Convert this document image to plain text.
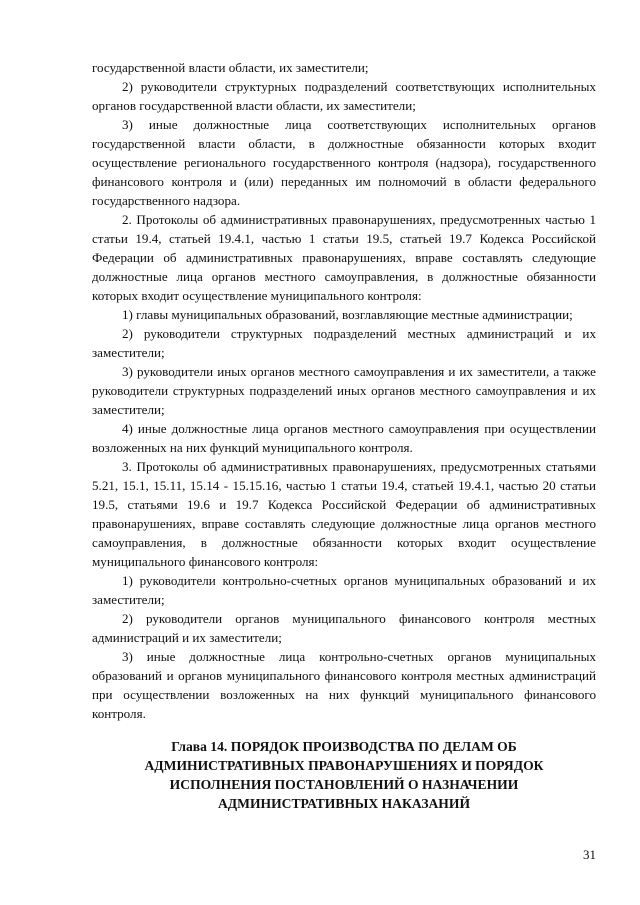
государственной власти области, их заместители;

2) руководители структурных подразделений соответствующих исполнительных органов государственной власти области, их заместители;

3) иные должностные лица соответствующих исполнительных органов государственной власти области, в должностные обязанности которых входит осуществление регионального государственного контроля (надзора), государственного финансового контроля и (или) переданных им полномочий в области федерального государственного надзора.

2. Протоколы об административных правонарушениях, предусмотренных частью 1 статьи 19.4, статьей 19.4.1, частью 1 статьи 19.5, статьей 19.7 Кодекса Российской Федерации об административных правонарушениях, вправе составлять следующие должностные лица органов местного самоуправления, в должностные обязанности которых входит осуществление муниципального контроля:

1) главы муниципальных образований, возглавляющие местные администрации;

2) руководители структурных подразделений местных администраций и их заместители;

3) руководители иных органов местного самоуправления и их заместители, а также руководители структурных подразделений иных органов местного самоуправления и их заместители;

4) иные должностные лица органов местного самоуправления при осуществлении возложенных на них функций муниципального контроля.

3. Протоколы об административных правонарушениях, предусмотренных статьями 5.21, 15.1, 15.11, 15.14 - 15.15.16, частью 1 статьи 19.4, статьей 19.4.1, частью 20 статьи 19.5, статьями 19.6 и 19.7 Кодекса Российской Федерации об административных правонарушениях, вправе составлять следующие должностные лица органов местного самоуправления, в должностные обязанности которых входит осуществление муниципального финансового контроля:

1) руководители контрольно-счетных органов муниципальных образований и их заместители;

2) руководители органов муниципального финансового контроля местных администраций и их заместители;

3) иные должностные лица контрольно-счетных органов муниципальных образований и органов муниципального финансового контроля местных администраций при осуществлении возложенных на них функций муниципального финансового контроля.

Глава 14. ПОРЯДОК ПРОИЗВОДСТВА ПО ДЕЛАМ ОБ
АДМИНИСТРАТИВНЫХ ПРАВОНАРУШЕНИЯХ И ПОРЯДОК
ИСПОЛНЕНИЯ ПОСТАНОВЛЕНИЙ О НАЗНАЧЕНИИ
АДМИНИСТРАТИВНЫХ НАКАЗАНИЙ
31
